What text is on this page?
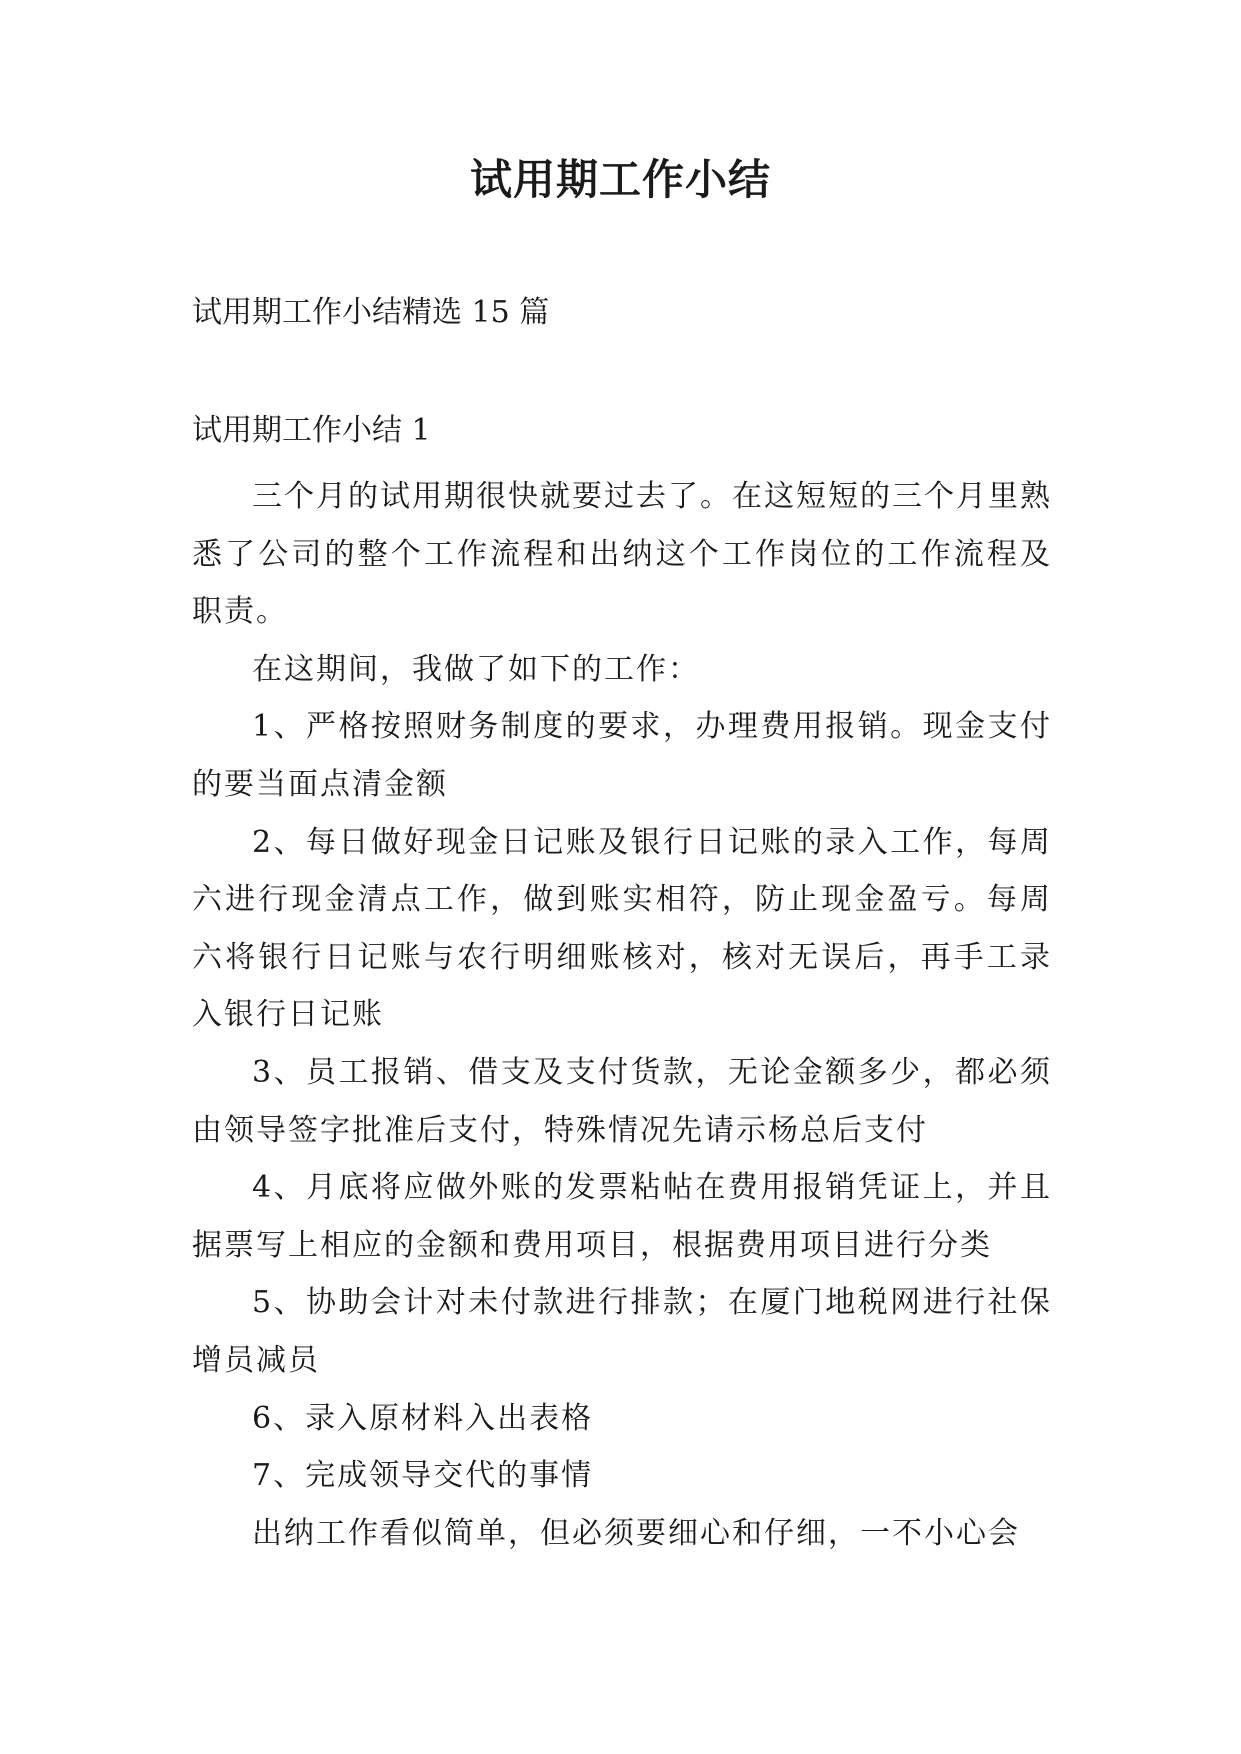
试用期工作小结

试用期工作小结精选 15 篇

试用期工作小结 1

三个月的试用期很快就要过去了。在这短短的三个月里熟悉了公司的整个工作流程和出纳这个工作岗位的工作流程及职责。

在这期间，我做了如下的工作：

1、严格按照财务制度的要求，办理费用报销。现金支付的要当面点清金额

2、每日做好现金日记账及银行日记账的录入工作，每周六进行现金清点工作，做到账实相符，防止现金盈亏。每周六将银行日记账与农行明细账核对，核对无误后，再手工录入银行日记账

3、员工报销、借支及支付货款，无论金额多少，都必须由领导签字批准后支付，特殊情况先请示杨总后支付

4、月底将应做外账的发票粘帖在费用报销凭证上，并且据票写上相应的金额和费用项目，根据费用项目进行分类

5、协助会计对未付款进行排款；在厦门地税网进行社保增员减员

6、录入原材料入出表格

7、完成领导交代的事情

出纳工作看似简单，但必须要细心和仔细，一不小心会
